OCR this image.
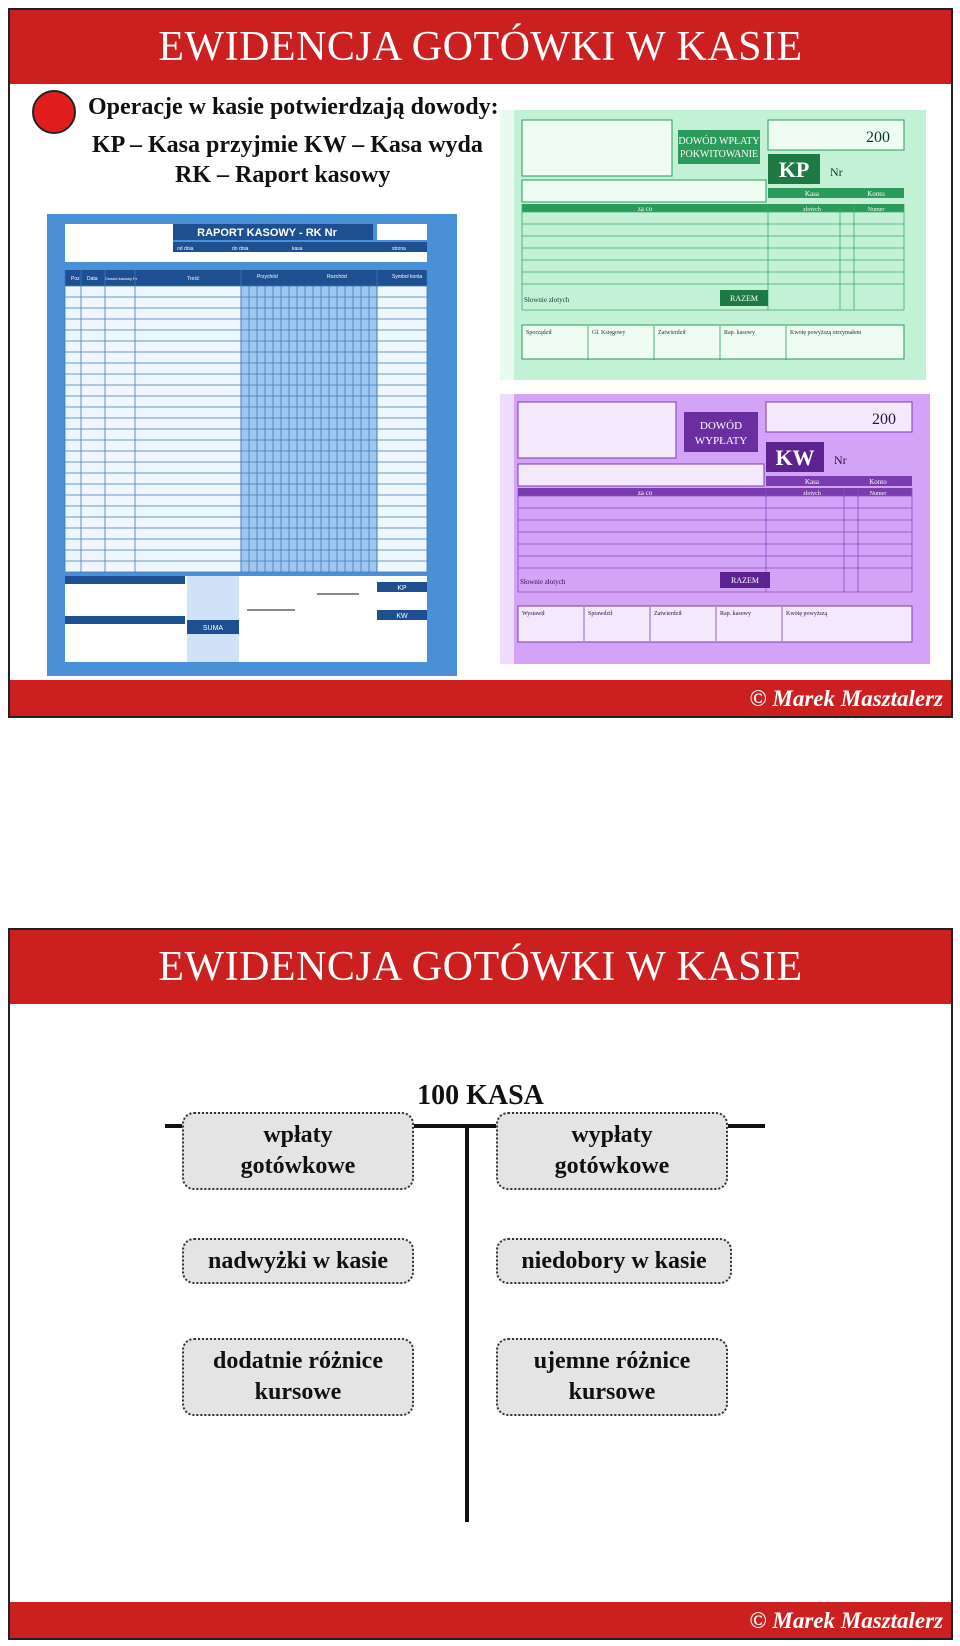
EWIDENCJA GOTÓWKI W KASIE
Operacje w kasie potwierdzają dowody:
KP – Kasa przyjmie KW – Kasa wyda
RK – Raport kasowy
RAPORT KASOWY - RK Nr
od dnia	do dnia	kasa	strona
Poz Data Dowód kasowy Nr	Treść	Przychód	Rozchód	Symbol konta
KP
KW
SUMA
DOWÓD WPŁATY
POKWITOWANIE
200
KP Nr
Kasa	Konto
za co	złotych	Numer
Słownie złotych	RAZEM
Sporządził	Gł. Księgowy	Zatwierdził	Rap. kasowy	Kwotę powyższą otrzymałem
DOWÓD
WYPŁATY
200
KW Nr
Kasa	Konto
za co	złotych	Numer
Słownie złotych	RAZEM
Wystawił	Sprawdził	Zatwierdził	Rap. kasowy	Kwotę powyższą
© Marek Masztalerz
EWIDENCJA GOTÓWKI W KASIE
100 KASA
wpłaty
gotówkowe
nadwyżki w kasie
dodatnie różnice
kursowe
wypłaty
gotówkowe
niedobory w kasie
ujemne różnice
kursowe
© Marek Masztalerz
